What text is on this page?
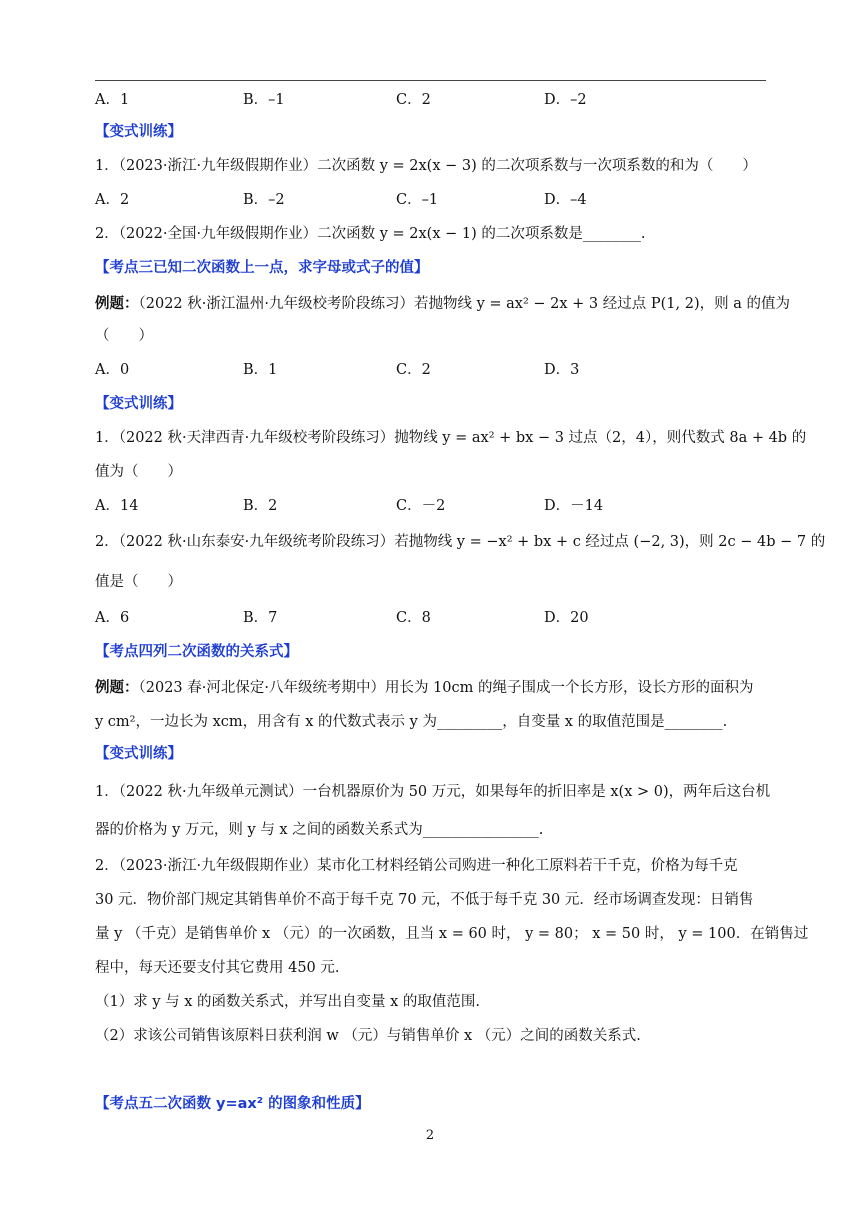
A．1	B．–1	C．2	D．–2
【变式训练】
1．（2023·浙江·九年级假期作业）二次函数 y = 2x(x − 3) 的二次项系数与一次项系数的和为（　　）
A．2	B．–2	C．–1	D．–4
2．（2022·全国·九年级假期作业）二次函数 y = 2x(x − 1) 的二次项系数是________.
【考点三已知二次函数上一点，求字母或式子的值】
例题：（2022 秋·浙江温州·九年级校考阶段练习）若抛物线 y = ax² − 2x + 3 经过点 P(1, 2)，则 a 的值为
（　　）
A．0	B．1	C．2	D．3
【变式训练】
1．（2022 秋·天津西青·九年级校考阶段练习）抛物线 y = ax² + bx − 3 过点（2，4），则代数式 8a + 4b 的
值为（　　）
A．14	B．2	C．－2	D．－14
2．（2022 秋·山东泰安·九年级统考阶段练习）若抛物线 y = −x² + bx + c 经过点 (−2, 3)，则 2c − 4b − 7 的
值是（　　）
A．6	B．7	C．8	D．20
【考点四列二次函数的关系式】
例题：（2023 春·河北保定·八年级统考期中）用长为 10cm 的绳子围成一个长方形，设长方形的面积为
y cm²，一边长为 xcm，用含有 x 的代数式表示 y 为_________，自变量 x 的取值范围是________.
【变式训练】
1．（2022 秋·九年级单元测试）一台机器原价为 50 万元，如果每年的折旧率是 x(x > 0)，两年后这台机
器的价格为 y 万元，则 y 与 x 之间的函数关系式为________________.
2．（2023·浙江·九年级假期作业）某市化工材料经销公司购进一种化工原料若干千克，价格为每千克
30 元．物价部门规定其销售单价不高于每千克 70 元，不低于每千克 30 元．经市场调查发现：日销售
量 y （千克）是销售单价 x （元）的一次函数，且当 x = 60 时， y = 80； x = 50 时， y = 100．在销售过
程中，每天还要支付其它费用 450 元.
（1）求 y 与 x 的函数关系式，并写出自变量 x 的取值范围.
（2）求该公司销售该原料日获利润 w （元）与销售单价 x （元）之间的函数关系式.
【考点五二次函数 y=ax² 的图象和性质】
2
